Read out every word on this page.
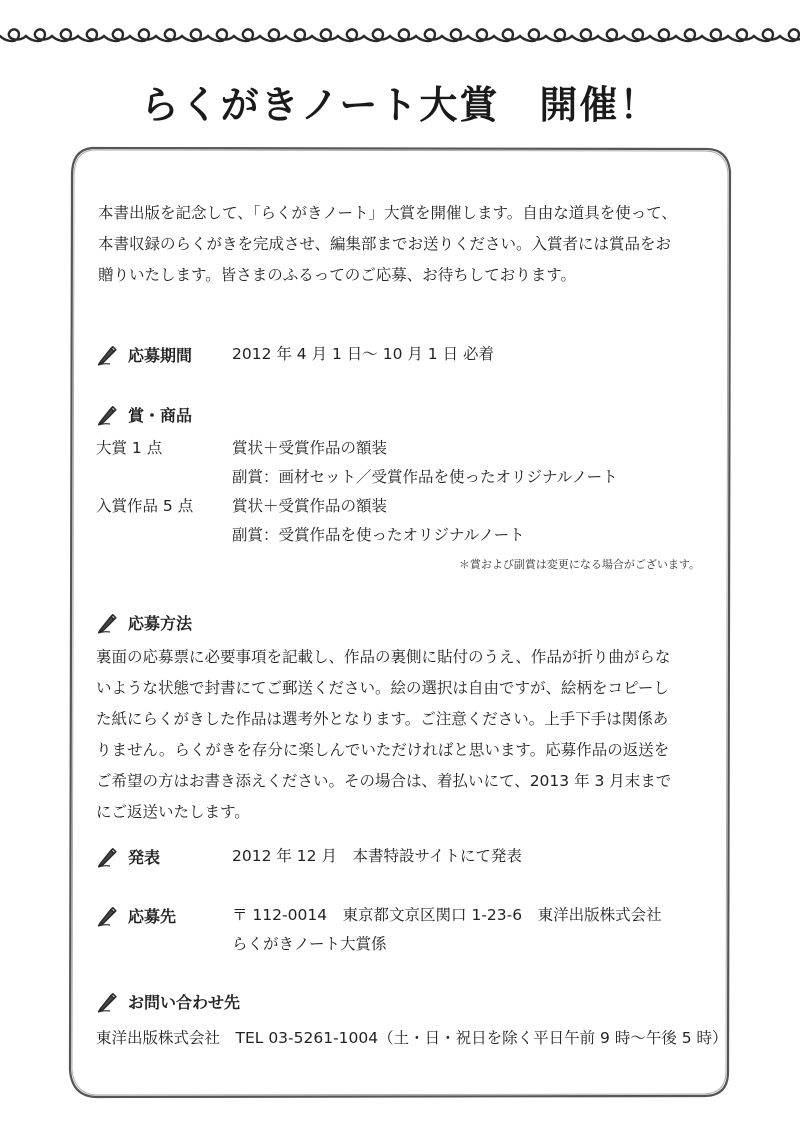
らくがきノート大賞　開催！
本書出版を記念して、「らくがきノート」大賞を開催します。自由な道具を使って、
本書収録のらくがきを完成させ、編集部までお送りください。入賞者には賞品をお
贈りいたします。皆さまのふるってのご応募、お待ちしております。
応募期間	2012 年 4 月 1 日～ 10 月 1 日 必着
賞・商品
大賞 1 点	賞状＋受賞作品の額装
副賞：画材セット／受賞作品を使ったオリジナルノート
入賞作品 5 点	賞状＋受賞作品の額装
副賞：受賞作品を使ったオリジナルノート
＊賞および副賞は変更になる場合がございます。
応募方法
裏面の応募票に必要事項を記載し、作品の裏側に貼付のうえ、作品が折り曲がらな
いような状態で封書にてご郵送ください。絵の選択は自由ですが、絵柄をコピーし
た紙にらくがきした作品は選考外となります。ご注意ください。上手下手は関係あ
りません。らくがきを存分に楽しんでいただければと思います。応募作品の返送を
ご希望の方はお書き添えください。その場合は、着払いにて、2013 年 3 月末まで
にご返送いたします。
発表	2012 年 12 月　本書特設サイトにて発表
応募先	〒 112-0014　東京都文京区関口 1-23-6　東洋出版株式会社
らくがきノート大賞係
お問い合わせ先
東洋出版株式会社　TEL 03-5261-1004（土・日・祝日を除く平日午前 9 時～午後 5 時）
